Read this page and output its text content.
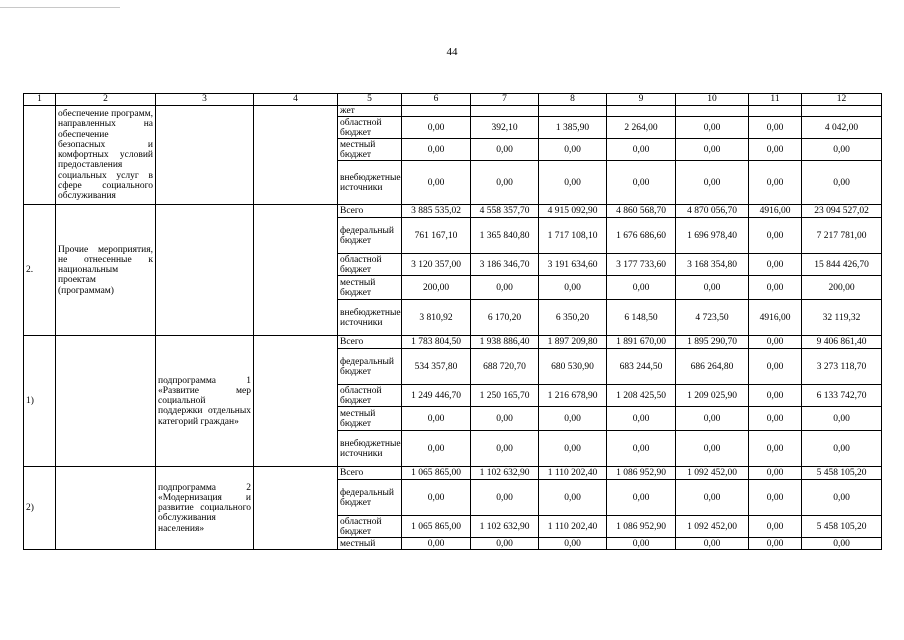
44
1	2	3	4	5	6	7	8	9	10	11	12
	обеспечение программ, направленных на обеспечение безопасных и комфортных условий предоставления социальных услуг в сфере социального обслуживания			жет							
				областной бюджет	0,00	392,10	1 385,90	2 264,00	0,00	0,00	4 042,00
				местный бюджет	0,00	0,00	0,00	0,00	0,00	0,00	0,00
				внебюджетные источники	0,00	0,00	0,00	0,00	0,00	0,00	0,00
2.	Прочие мероприятия, не отнесенные к национальным проектам (программам)			Всего	3 885 535,02	4 558 357,70	4 915 092,90	4 860 568,70	4 870 056,70	4916,00	23 094 527,02
				федеральный бюджет	761 167,10	1 365 840,80	1 717 108,10	1 676 686,60	1 696 978,40	0,00	7 217 781,00
				областной бюджет	3 120 357,00	3 186 346,70	3 191 634,60	3 177 733,60	3 168 354,80	0,00	15 844 426,70
				местный бюджет	200,00	0,00	0,00	0,00	0,00	0,00	200,00
				внебюджетные источники	3 810,92	6 170,20	6 350,20	6 148,50	4 723,50	4916,00	32 119,32
1)		подпрограмма 1 «Развитие мер социальной поддержки отдельных категорий граждан»		Всего	1 783 804,50	1 938 886,40	1 897 209,80	1 891 670,00	1 895 290,70	0,00	9 406 861,40
				федеральный бюджет	534 357,80	688 720,70	680 530,90	683 244,50	686 264,80	0,00	3 273 118,70
				областной бюджет	1 249 446,70	1 250 165,70	1 216 678,90	1 208 425,50	1 209 025,90	0,00	6 133 742,70
				местный бюджет	0,00	0,00	0,00	0,00	0,00	0,00	0,00
				внебюджетные источники	0,00	0,00	0,00	0,00	0,00	0,00	0,00
2)		подпрограмма 2 «Модернизация и развитие социального обслуживания населения»		Всего	1 065 865,00	1 102 632,90	1 110 202,40	1 086 952,90	1 092 452,00	0,00	5 458 105,20
				федеральный бюджет	0,00	0,00	0,00	0,00	0,00	0,00	0,00
				областной бюджет	1 065 865,00	1 102 632,90	1 110 202,40	1 086 952,90	1 092 452,00	0,00	5 458 105,20
				местный	0,00	0,00	0,00	0,00	0,00	0,00	0,00
